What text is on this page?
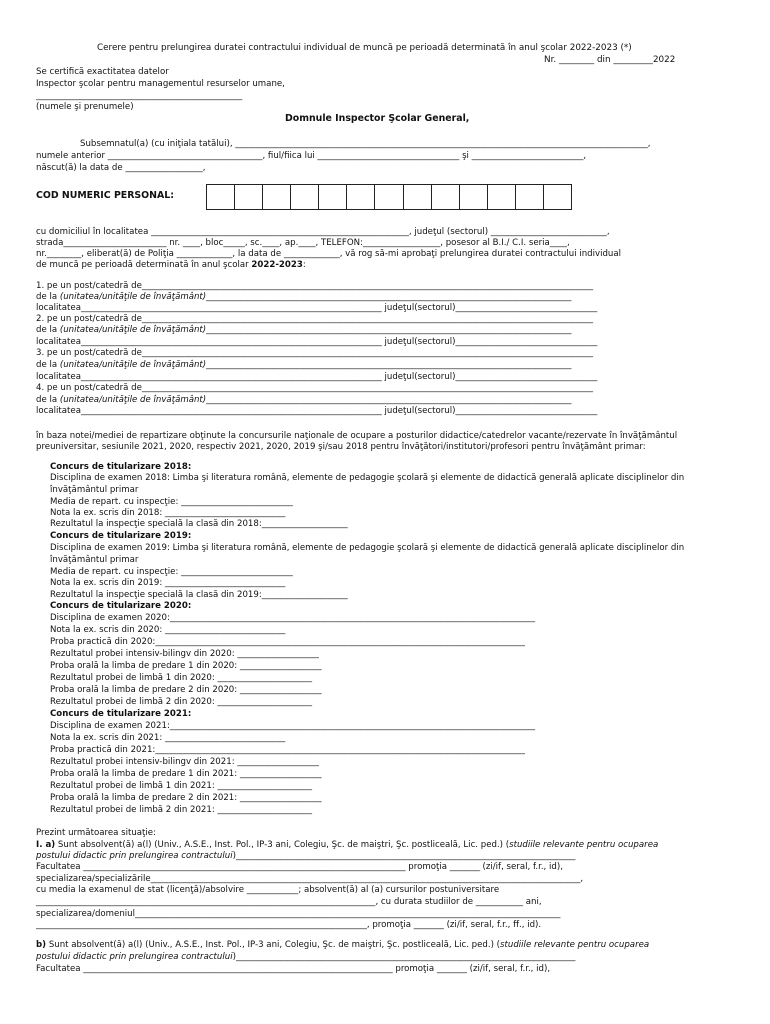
Cerere pentru prelungirea duratei contractului individual de muncă pe perioadă determinată în anul şcolar 2022-2023 (*)
Nr. ________ din _________2022
Se certifică exactitatea datelor
Inspector şcolar pentru managementul resurselor umane,
________________________________________________
(numele şi prenumele)
Domnule Inspector Şcolar General,
Subsemnatul(a) (cu iniţiala tatălui), ________________________________________________________________________________________________,
numele anterior ____________________________________, fiul/fiica lui _________________________________ şi __________________________,
născut(ă) la data de __________________,
COD NUMERIC PERSONAL:
cu domiciliul în localitatea ____________________________________________________________, judeţul (sectorul) ___________________________,
strada________________________ nr. ____, bloc_____, sc.____, ap.____, TELEFON:__________________, posesor al B.I./ C.I. seria____,
nr.________, eliberat(ă) de Poliţia _____________, la data de _____________, vă rog să-mi aprobaţi prelungirea duratei contractului individual
de muncă pe perioadă determinată în anul şcolar 2022-2023:
1. pe un post/catedră de_________________________________________________________________________________________________________
de la (unitatea/unităţile de învăţământ)_____________________________________________________________________________________
localitatea______________________________________________________________________ judeţul(sectorul)_________________________________
2. pe un post/catedră de_________________________________________________________________________________________________________
de la (unitatea/unităţile de învăţământ)_____________________________________________________________________________________
localitatea______________________________________________________________________ judeţul(sectorul)_________________________________
3. pe un post/catedră de_________________________________________________________________________________________________________
de la (unitatea/unităţile de învăţământ)_____________________________________________________________________________________
localitatea______________________________________________________________________ judeţul(sectorul)_________________________________
4. pe un post/catedră de_________________________________________________________________________________________________________
de la (unitatea/unităţile de învăţământ)_____________________________________________________________________________________
localitatea______________________________________________________________________ judeţul(sectorul)_________________________________
în baza notei/mediei de repartizare obţinute la concursurile naţionale de ocupare a posturilor didactice/catedrelor vacante/rezervate în învăţământul
preuniversitar, sesiunile 2021, 2020, respectiv 2021, 2020, 2019 şi/sau 2018 pentru învăţători/institutori/profesori pentru învăţământ primar:
Concurs de titularizare 2018:
Disciplina de examen 2018: Limba şi literatura română, elemente de pedagogie şcolară şi elemente de didactică generală aplicate disciplinelor din
învăţământul primar
Media de repart. cu inspecţie: __________________________
Nota la ex. scris din 2018: ____________________________
Rezultatul la inspecţie specială la clasă din 2018:____________________
Concurs de titularizare 2019:
Disciplina de examen 2019: Limba şi literatura română, elemente de pedagogie şcolară şi elemente de didactică generală aplicate disciplinelor din
învăţământul primar
Media de repart. cu inspecţie: __________________________
Nota la ex. scris din 2019: ____________________________
Rezultatul la inspecţie specială la clasă din 2019:____________________
Concurs de titularizare 2020:
Disciplina de examen 2020:_____________________________________________________________________________________
Nota la ex. scris din 2020: ____________________________
Proba practică din 2020:______________________________________________________________________________________
Rezultatul probei intensiv-bilingv din 2020: ___________________
Proba orală la limba de predare 1 din 2020: ___________________
Rezultatul probei de limbă 1 din 2020: ______________________
Proba orală la limba de predare 2 din 2020: ___________________
Rezultatul probei de limbă 2 din 2020: ______________________
Concurs de titularizare 2021:
Disciplina de examen 2021:_____________________________________________________________________________________
Nota la ex. scris din 2021: ____________________________
Proba practică din 2021:______________________________________________________________________________________
Rezultatul probei intensiv-bilingv din 2021: ___________________
Proba orală la limba de predare 1 din 2021: ___________________
Rezultatul probei de limbă 1 din 2021: ______________________
Proba orală la limba de predare 2 din 2021: ___________________
Rezultatul probei de limbă 2 din 2021: ______________________
Prezint următoarea situaţie:
I. a) Sunt absolvent(ă) a(l) (Univ., A.S.E., Inst. Pol., IP-3 ani, Colegiu, Şc. de maiştri, Şc. postliceală, Lic. ped.) (studiile relevante pentru ocuparea
postului didactic prin prelungirea contractului)_______________________________________________________________________________
Facultatea ___________________________________________________________________________ promoţia _______ (zi/if, seral, f.r., id),
specializarea/specializările____________________________________________________________________________________________________,
cu media la examenul de stat (licenţă)/absolvire ____________; absolvent(ă) al (a) cursurilor postuniversitare
_______________________________________________________________________________, cu durata studiilor de ___________ ani,
specializarea/domeniul___________________________________________________________________________________________________
_____________________________________________________________________________, promoţia _______ (zi/if, seral, f.r., ff., id).
b) Sunt absolvent(ă) a(l) (Univ., A.S.E., Inst. Pol., IP-3 ani, Colegiu, Şc. de maiştri, Şc. postliceală, Lic. ped.) (studiile relevante pentru ocuparea
postului didactic prin prelungirea contractului)_______________________________________________________________________________
Facultatea ________________________________________________________________________ promoţia _______ (zi/if, seral, f.r., id),
